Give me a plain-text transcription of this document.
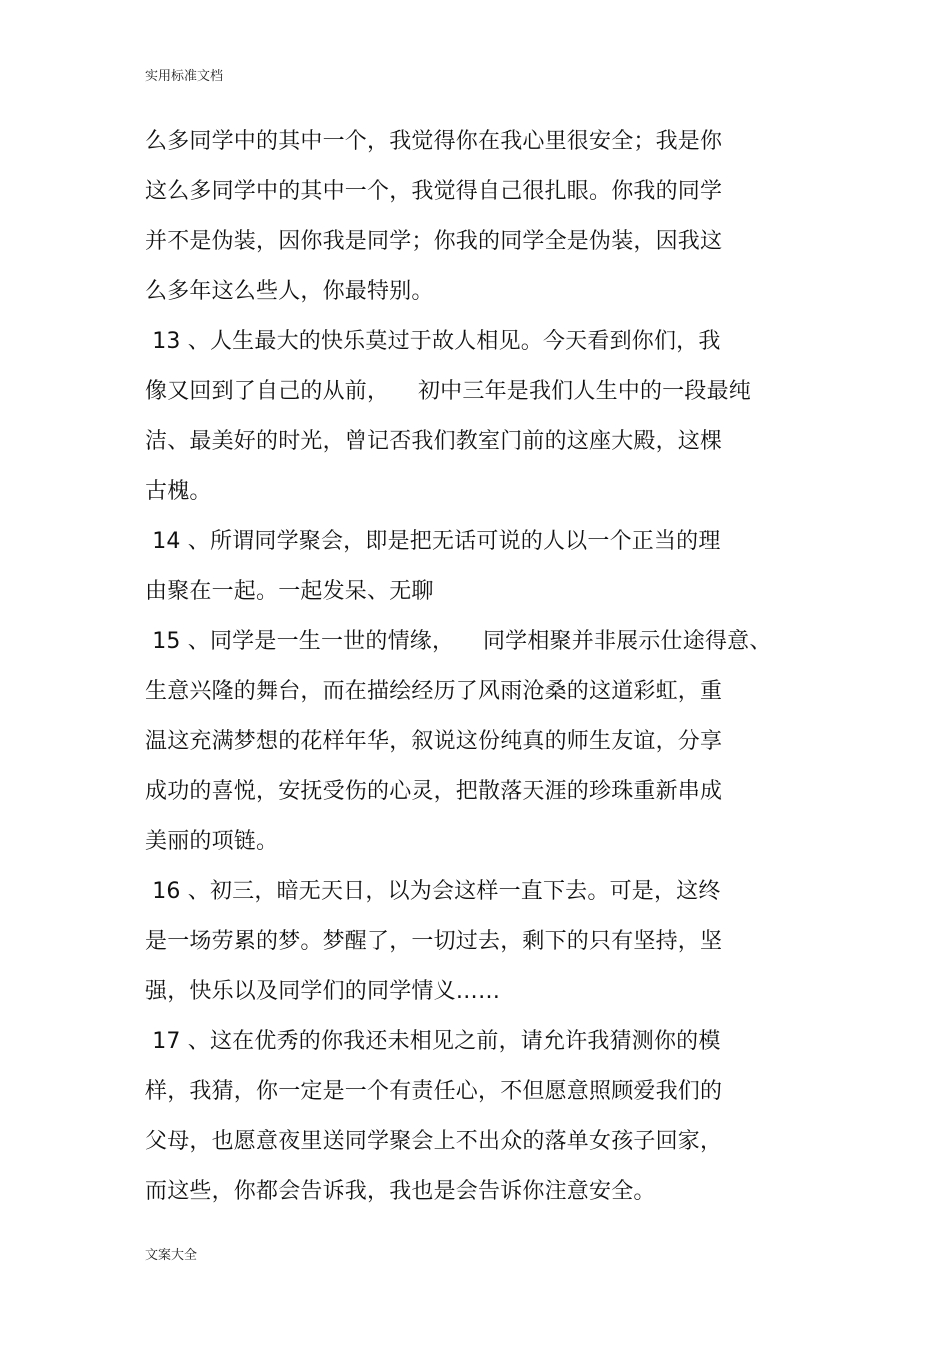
实用标准文档
么多同学中的其中一个，我觉得你在我心里很安全；我是你
这么多同学中的其中一个，我觉得自己很扎眼。你我的同学
并不是伪装，因你我是同学；你我的同学全是伪装，因我这
么多年这么些人，你最特别。
13 、人生最大的快乐莫过于故人相见。今天看到你们，我
像又回到了自己的从前，    初中三年是我们人生中的一段最纯
洁、最美好的时光，曾记否我们教室门前的这座大殿，这棵
古槐。
14 、所谓同学聚会，即是把无话可说的人以一个正当的理
由聚在一起。一起发呆、无聊
15 、同学是一生一世的情缘，    同学相聚并非展示仕途得意、
生意兴隆的舞台，而在描绘经历了风雨沧桑的这道彩虹，重
温这充满梦想的花样年华，叙说这份纯真的师生友谊，分享
成功的喜悦，安抚受伤的心灵，把散落天涯的珍珠重新串成
美丽的项链。
16 、初三，暗无天日，以为会这样一直下去。可是，这终
是一场劳累的梦。梦醒了，一切过去，剩下的只有坚持，坚
强，快乐以及同学们的同学情义……
17 、这在优秀的你我还未相见之前，请允许我猜测你的模
样，我猜，你一定是一个有责任心，不但愿意照顾爱我们的
父母，也愿意夜里送同学聚会上不出众的落单女孩子回家，
而这些，你都会告诉我，我也是会告诉你注意安全。
文案大全
